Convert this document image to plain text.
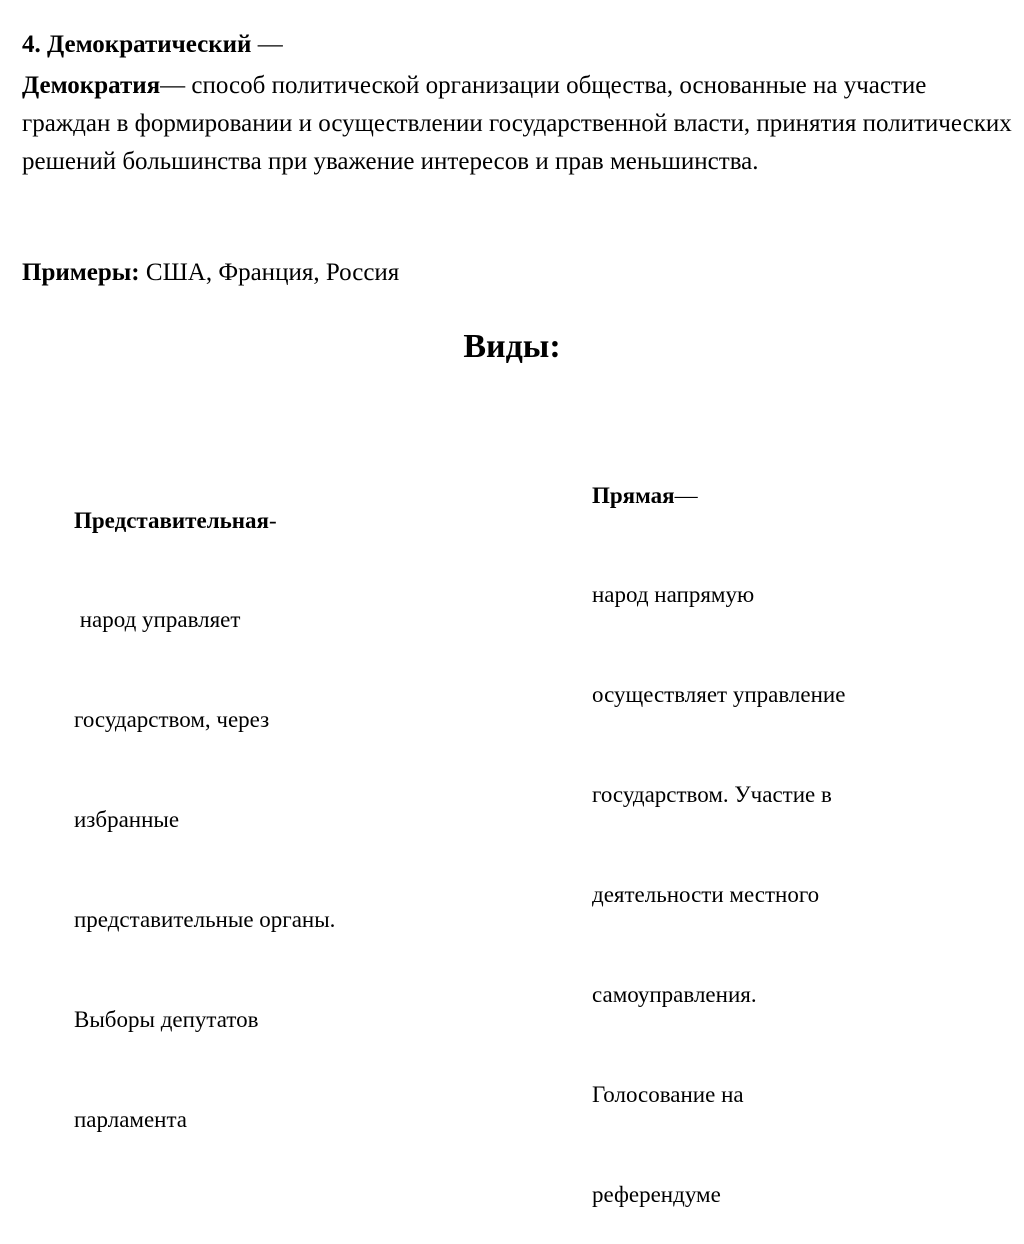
4. Демократический —
Демократия— способ политической организации общества, основанные на участие граждан в формировании и осуществлении государственной власти, принятия политических решений большинства при уважение интересов и прав меньшинства.
Примеры: США, Франция, Россия
Виды:

Представительная-

народ управляет

государством, через

избранные

представительные органы.

Выборы депутатов

парламента

Прямая—

народ напрямую

осуществляет управление

государством. Участие в

деятельности местного

самоуправления.

Голосование на

референдуме
